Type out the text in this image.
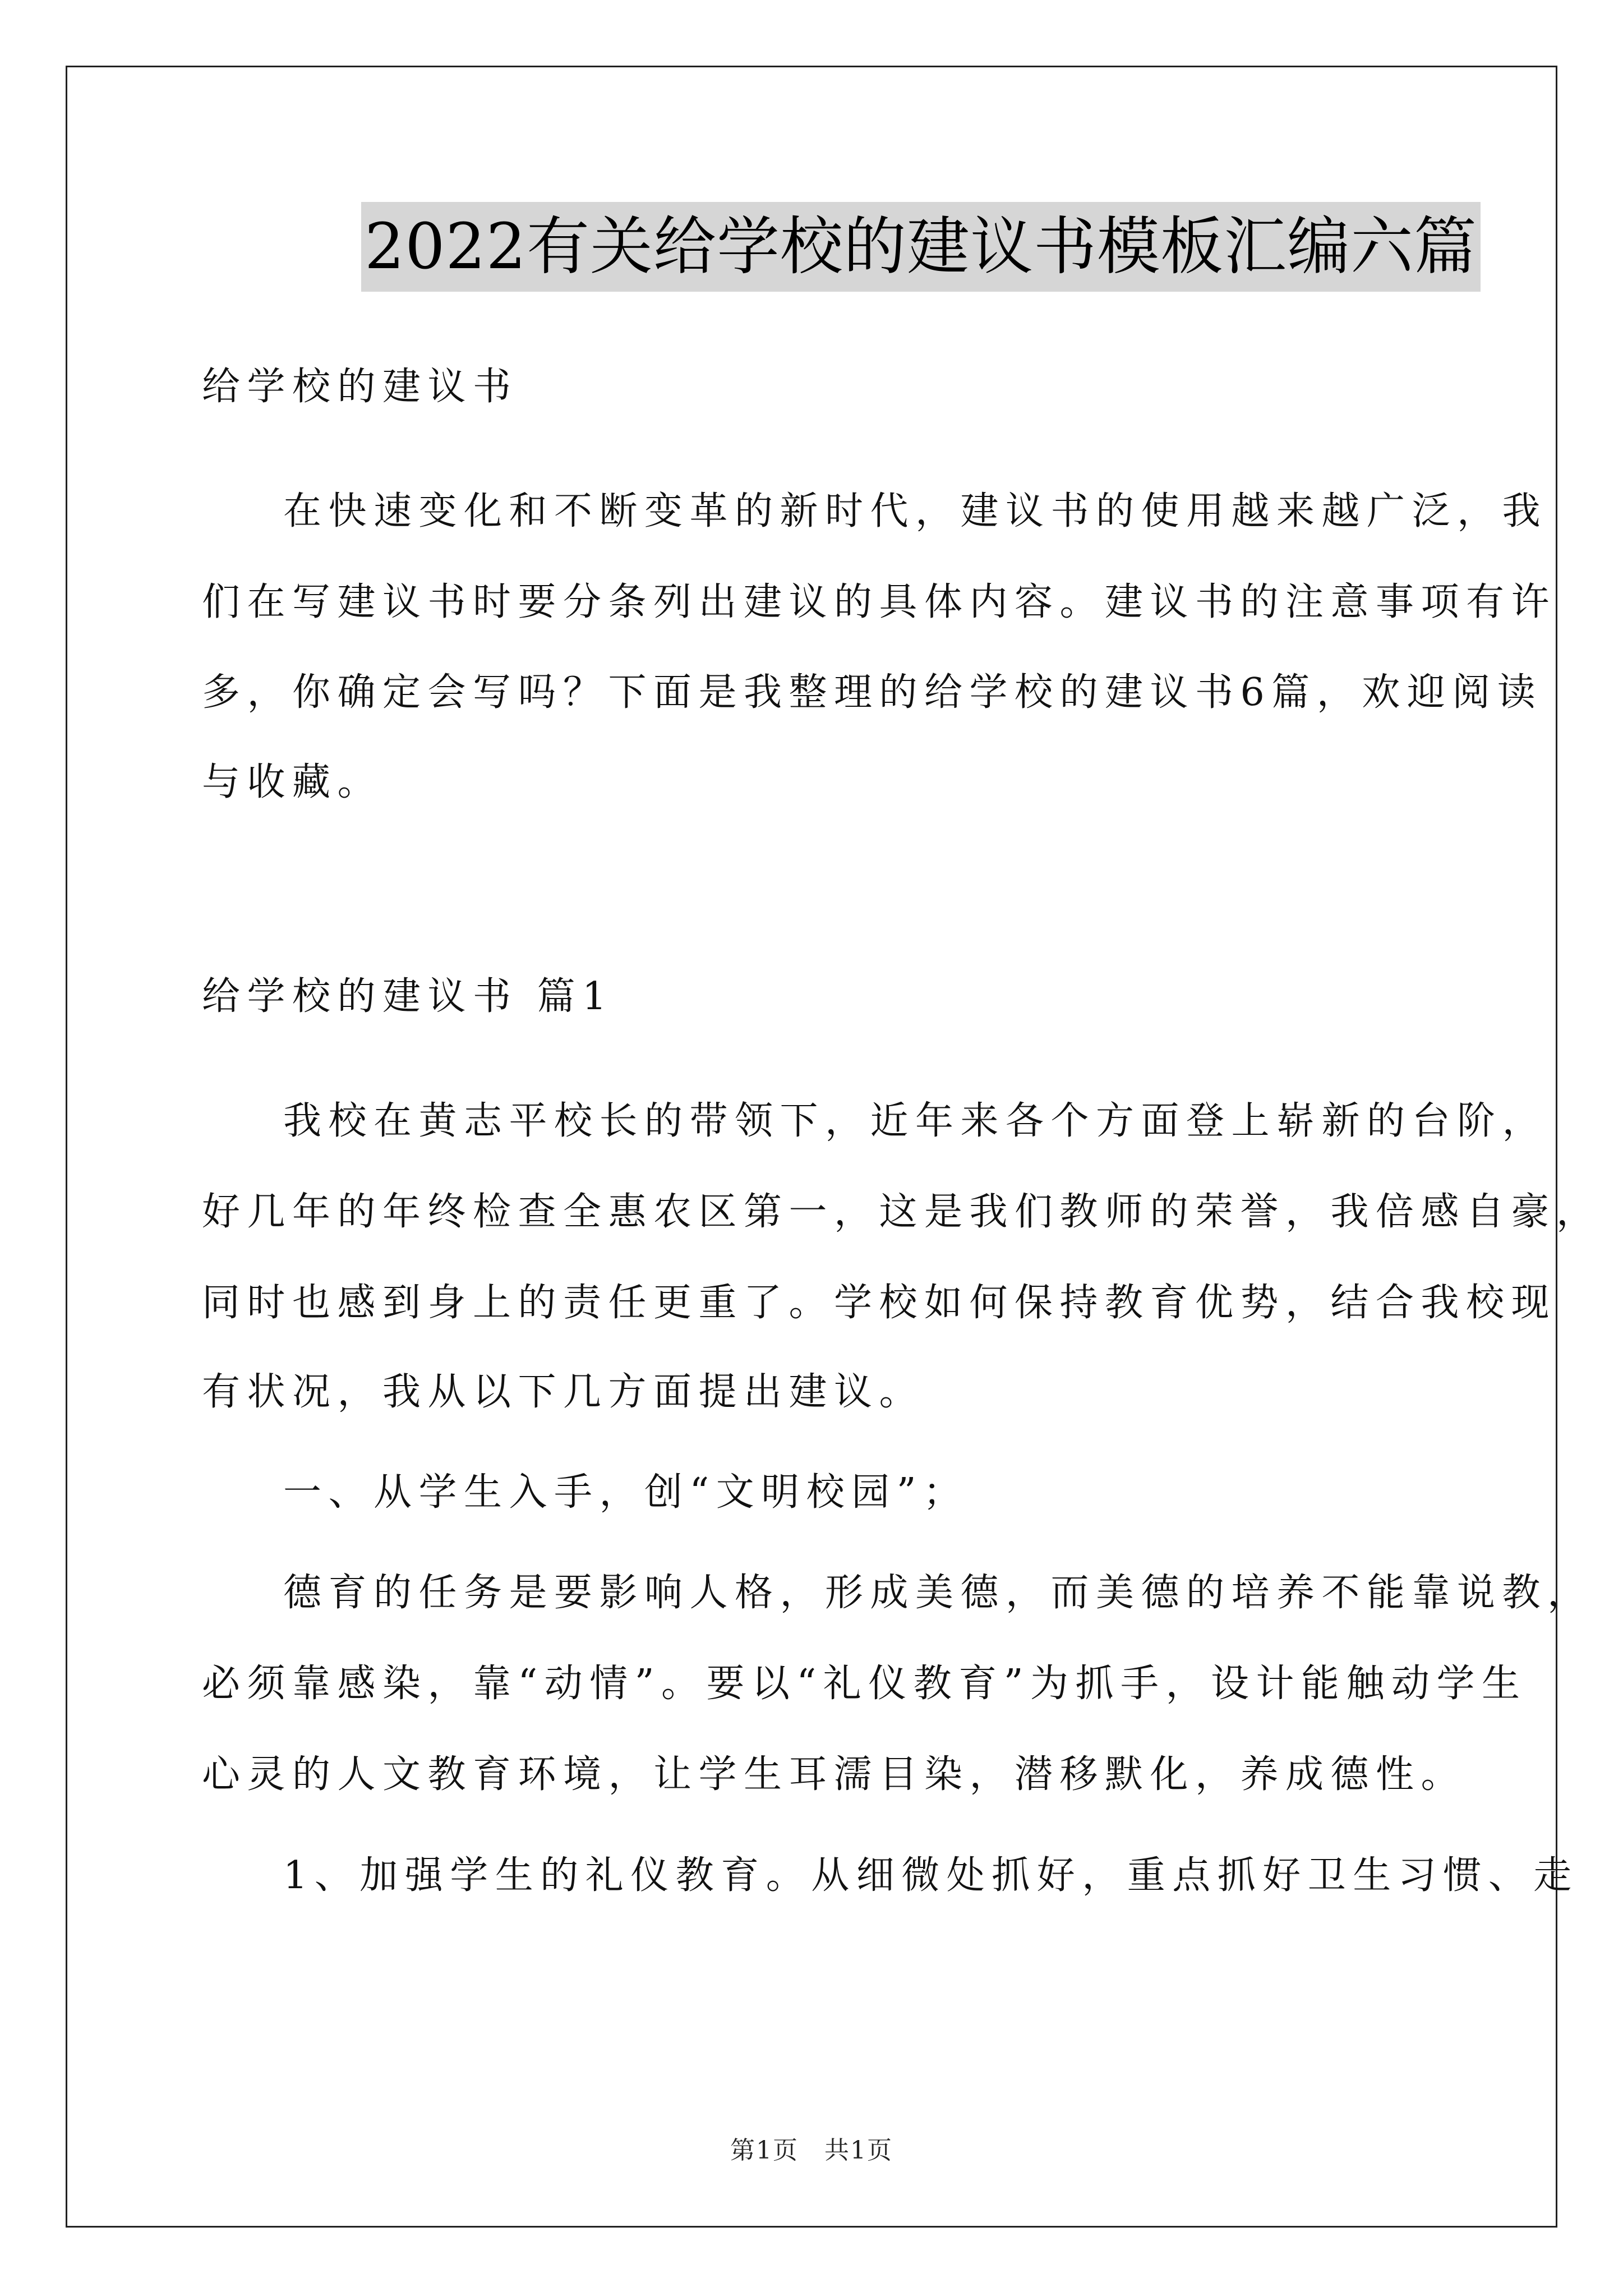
2022有关给学校的建议书模板汇编六篇
给学校的建议书
在快速变化和不断变革的新时代，建议书的使用越来越广泛，我
们在写建议书时要分条列出建议的具体内容。建议书的注意事项有许
多，你确定会写吗？下面是我整理的给学校的建议书6篇，欢迎阅读
与收藏。
给学校的建议书 篇1
我校在黄志平校长的带领下，近年来各个方面登上崭新的台阶，
好几年的年终检查全惠农区第一，这是我们教师的荣誉，我倍感自豪，
同时也感到身上的责任更重了。学校如何保持教育优势，结合我校现
有状况，我从以下几方面提出建议。
一、从学生入手，创“文明校园”；
德育的任务是要影响人格，形成美德，而美德的培养不能靠说教，
必须靠感染，靠“动情”。要以“礼仪教育”为抓手，设计能触动学生
心灵的人文教育环境，让学生耳濡目染，潜移默化，养成德性。
1、加强学生的礼仪教育。从细微处抓好，重点抓好卫生习惯、走
第1页　共1页
